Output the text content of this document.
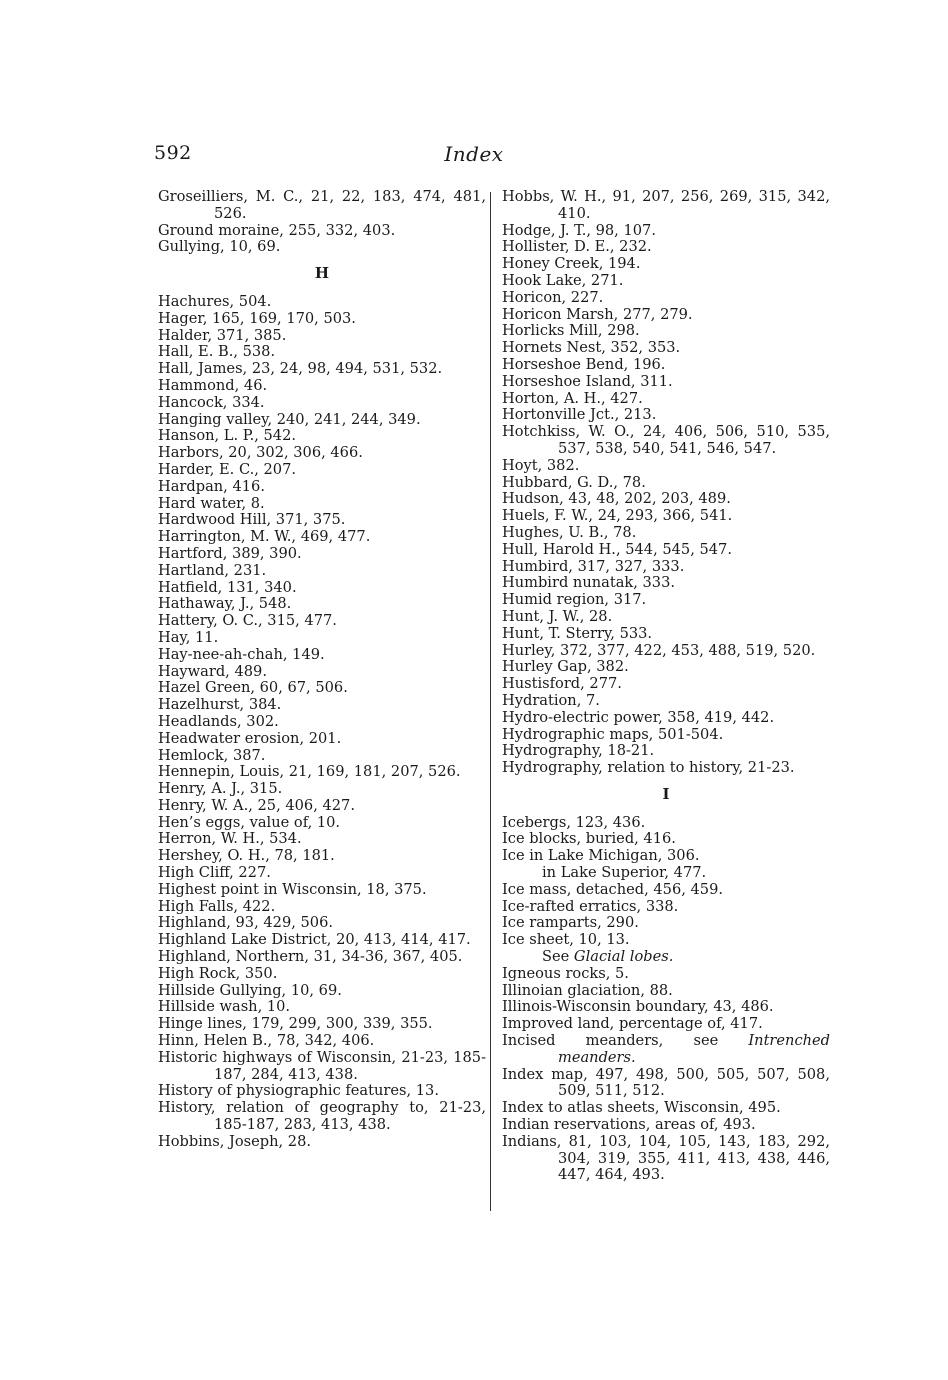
592	Index
Groseilliers, M. C., 21, 22, 183, 474, 481, 526.
Ground moraine, 255, 332, 403.
Gullying, 10, 69.
H
Hachures, 504.
Hager, 165, 169, 170, 503.
Halder, 371, 385.
Hall, E. B., 538.
Hall, James, 23, 24, 98, 494, 531, 532.
Hammond, 46.
Hancock, 334.
Hanging valley, 240, 241, 244, 349.
Hanson, L. P., 542.
Harbors, 20, 302, 306, 466.
Harder, E. C., 207.
Hardpan, 416.
Hard water, 8.
Hardwood Hill, 371, 375.
Harrington, M. W., 469, 477.
Hartford, 389, 390.
Hartland, 231.
Hatfield, 131, 340.
Hathaway, J., 548.
Hattery, O. C., 315, 477.
Hay, 11.
Hay-nee-ah-chah, 149.
Hayward, 489.
Hazel Green, 60, 67, 506.
Hazelhurst, 384.
Headlands, 302.
Headwater erosion, 201.
Hemlock, 387.
Hennepin, Louis, 21, 169, 181, 207, 526.
Henry, A. J., 315.
Henry, W. A., 25, 406, 427.
Hen’s eggs, value of, 10.
Herron, W. H., 534.
Hershey, O. H., 78, 181.
High Cliff, 227.
Highest point in Wisconsin, 18, 375.
High Falls, 422.
Highland, 93, 429, 506.
Highland Lake District, 20, 413, 414, 417.
Highland, Northern, 31, 34-36, 367, 405.
High Rock, 350.
Hillside Gullying, 10, 69.
Hillside wash, 10.
Hinge lines, 179, 299, 300, 339, 355.
Hinn, Helen B., 78, 342, 406.
Historic highways of Wisconsin, 21-23, 185-187, 284, 413, 438.
History of physiographic features, 13.
History, relation of geography to, 21-23, 185-187, 283, 413, 438.
Hobbins, Joseph, 28.
Hobbs, W. H., 91, 207, 256, 269, 315, 342, 410.
Hodge, J. T., 98, 107.
Hollister, D. E., 232.
Honey Creek, 194.
Hook Lake, 271.
Horicon, 227.
Horicon Marsh, 277, 279.
Horlicks Mill, 298.
Hornets Nest, 352, 353.
Horseshoe Bend, 196.
Horseshoe Island, 311.
Horton, A. H., 427.
Hortonville Jct., 213.
Hotchkiss, W. O., 24, 406, 506, 510, 535, 537, 538, 540, 541, 546, 547.
Hoyt, 382.
Hubbard, G. D., 78.
Hudson, 43, 48, 202, 203, 489.
Huels, F. W., 24, 293, 366, 541.
Hughes, U. B., 78.
Hull, Harold H., 544, 545, 547.
Humbird, 317, 327, 333.
Humbird nunatak, 333.
Humid region, 317.
Hunt, J. W., 28.
Hunt, T. Sterry, 533.
Hurley, 372, 377, 422, 453, 488, 519, 520.
Hurley Gap, 382.
Hustisford, 277.
Hydration, 7.
Hydro-electric power, 358, 419, 442.
Hydrographic maps, 501-504.
Hydrography, 18-21.
Hydrography, relation to history, 21-23.
I
Icebergs, 123, 436.
Ice blocks, buried, 416.
Ice in Lake Michigan, 306.
in Lake Superior, 477.
Ice mass, detached, 456, 459.
Ice-rafted erratics, 338.
Ice ramparts, 290.
Ice sheet, 10, 13.
See Glacial lobes.
Igneous rocks, 5.
Illinoian glaciation, 88.
Illinois-Wisconsin boundary, 43, 486.
Improved land, percentage of, 417.
Incised meanders, see Intrenched meanders.
Index map, 497, 498, 500, 505, 507, 508, 509, 511, 512.
Index to atlas sheets, Wisconsin, 495.
Indian reservations, areas of, 493.
Indians, 81, 103, 104, 105, 143, 183, 292, 304, 319, 355, 411, 413, 438, 446, 447, 464, 493.
